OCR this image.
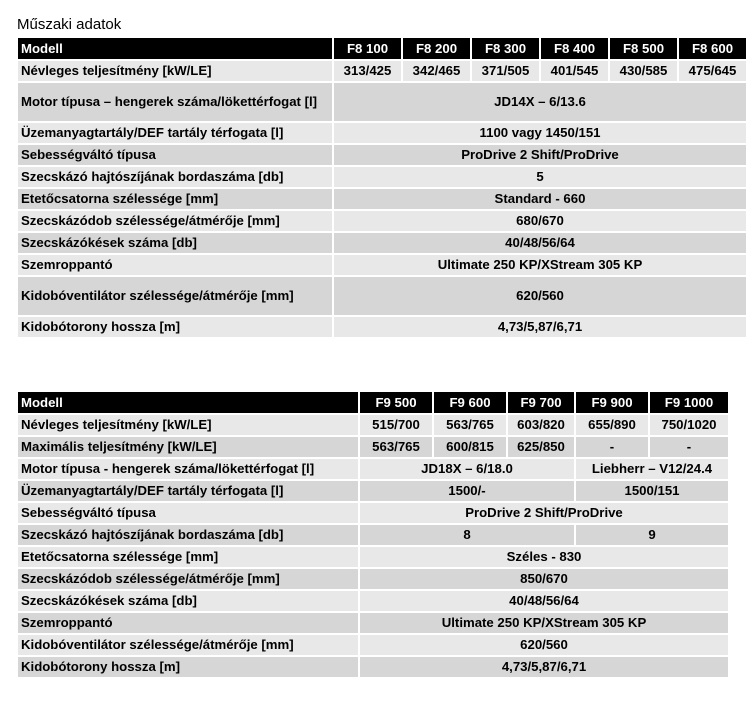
Műszaki adatok
Modell	F8 100	F8 200	F8 300	F8 400	F8 500	F8 600
Névleges teljesítmény [kW/LE]	313/425	342/465	371/505	401/545	430/585	475/645
Motor típusa – hengerek száma/lökettérfogat [l]	JD14X – 6/13.6					
Üzemanyagtartály/DEF tartály térfogata [l]	1100 vagy 1450/151					
Sebességváltó típusa	ProDrive 2 Shift/ProDrive					
Szecskázó hajtószíjának bordaszáma [db]	5					
Etetőcsatorna szélessége [mm]	Standard - 660					
Szecskázódob szélessége/átmérője [mm]	680/670					
Szecskázókések száma [db]	40/48/56/64					
Szemroppantó	Ultimate 250 KP/XStream 305 KP					
Kidobóventilátor szélessége/átmérője [mm]	620/560					
Kidobótorony hossza [m]	4,73/5,87/6,71					
Modell	F9 500	F9 600	F9 700	F9 900	F9 1000
Névleges teljesítmény [kW/LE]	515/700	563/765	603/820	655/890	750/1020
Maximális teljesítmény [kW/LE]	563/765	600/815	625/850	-	-
Motor típusa - hengerek száma/lökettérfogat [l]	JD18X – 6/18.0			Liebherr – V12/24.4	
Üzemanyagtartály/DEF tartály térfogata [l]	1500/-			1500/151	
Sebességváltó típusa	ProDrive 2 Shift/ProDrive				
Szecskázó hajtószíjának bordaszáma [db]	8			9	
Etetőcsatorna szélessége [mm]	Széles - 830				
Szecskázódob szélessége/átmérője [mm]	850/670				
Szecskázókések száma [db]	40/48/56/64				
Szemroppantó	Ultimate 250 KP/XStream 305 KP				
Kidobóventilátor szélessége/átmérője [mm]	620/560				
Kidobótorony hossza [m]	4,73/5,87/6,71				
